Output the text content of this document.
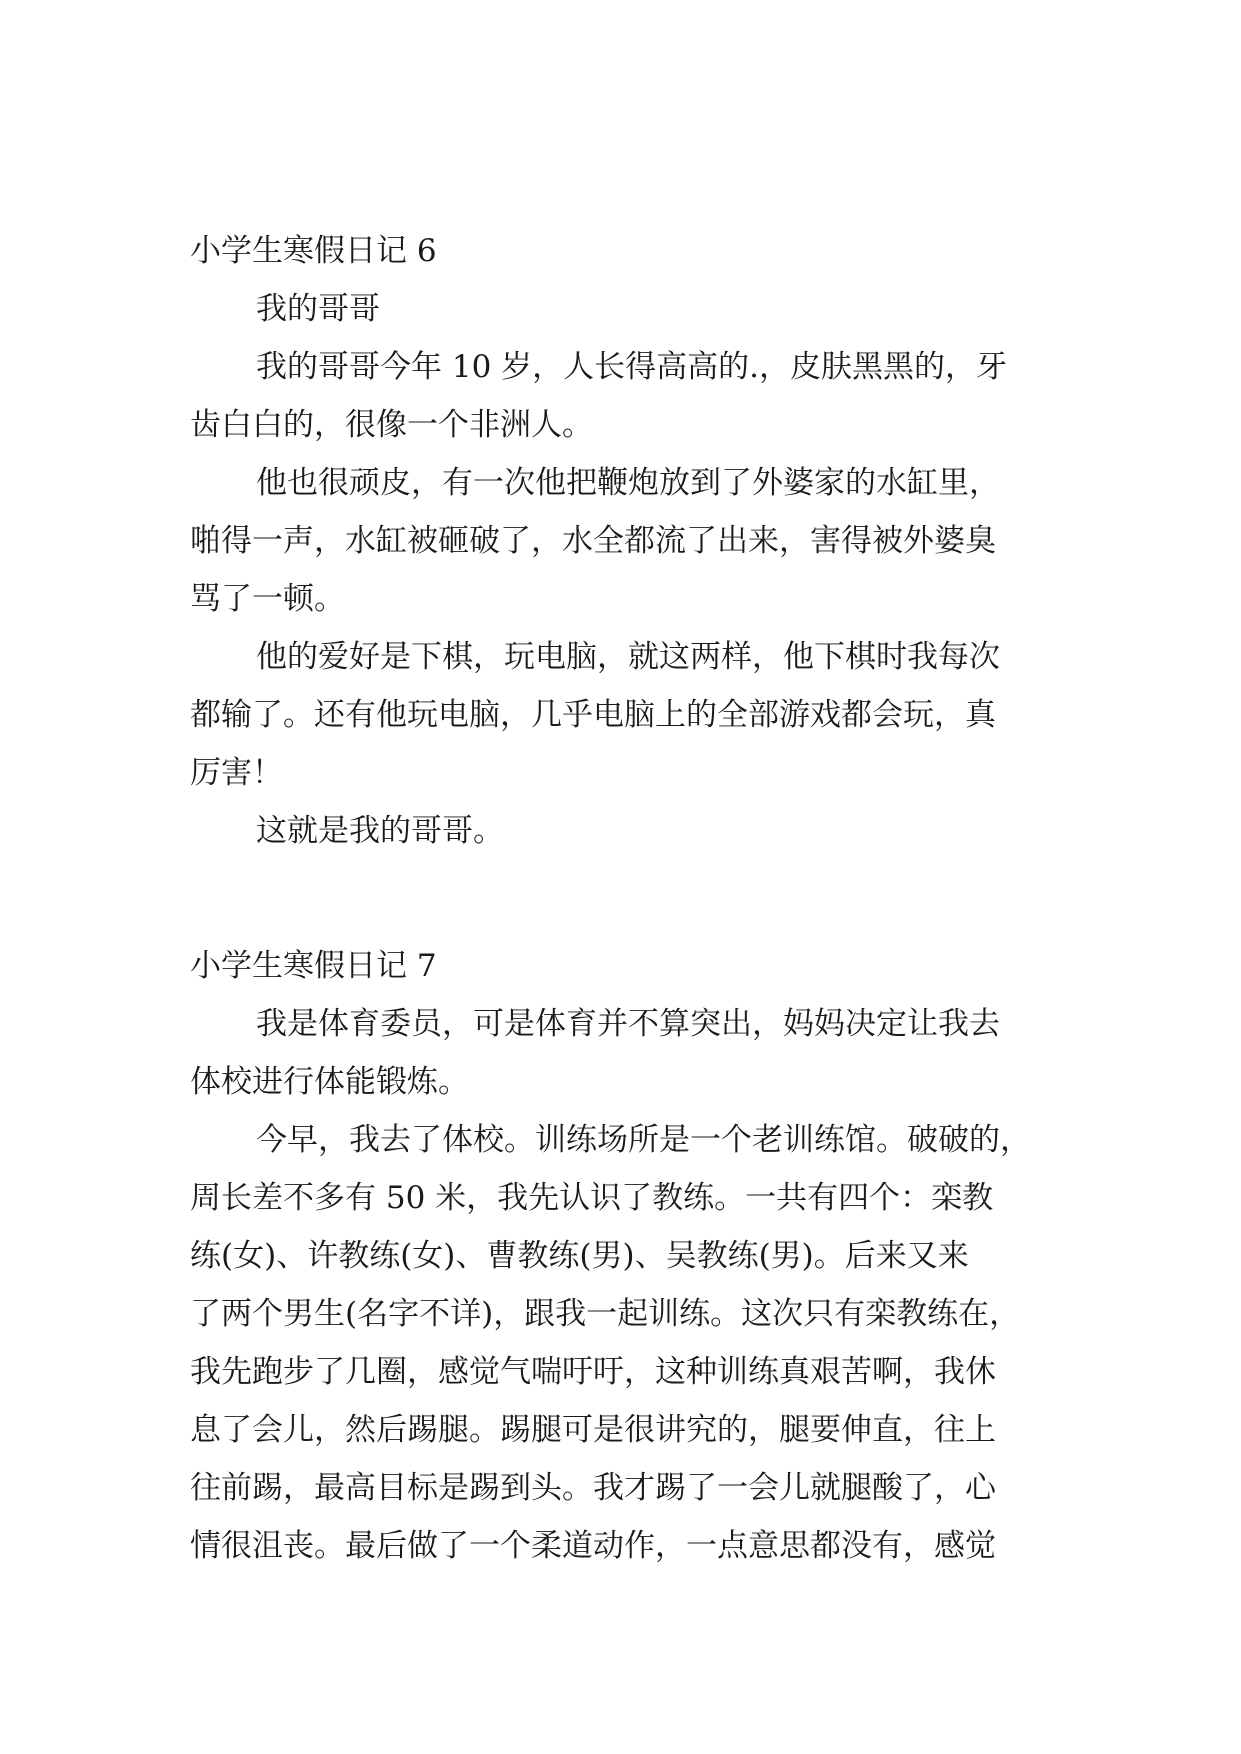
小学生寒假日记 6

我的哥哥

我的哥哥今年 10 岁，人长得高高的.，皮肤黑黑的，牙

齿白白的，很像一个非洲人。

他也很顽皮，有一次他把鞭炮放到了外婆家的水缸里，

啪得一声，水缸被砸破了，水全都流了出来，害得被外婆臭

骂了一顿。

他的爱好是下棋，玩电脑，就这两样，他下棋时我每次

都输了。还有他玩电脑，几乎电脑上的全部游戏都会玩，真

厉害！

这就是我的哥哥。

小学生寒假日记 7

我是体育委员，可是体育并不算突出，妈妈决定让我去

体校进行体能锻炼。

今早，我去了体校。训练场所是一个老训练馆。破破的，

周长差不多有 50 米，我先认识了教练。一共有四个：栾教

练(女)、许教练(女)、曹教练(男)、吴教练(男)。后来又来

了两个男生(名字不详)，跟我一起训练。这次只有栾教练在，

我先跑步了几圈，感觉气喘吁吁，这种训练真艰苦啊，我休

息了会儿，然后踢腿。踢腿可是很讲究的，腿要伸直，往上

往前踢，最高目标是踢到头。我才踢了一会儿就腿酸了，心

情很沮丧。最后做了一个柔道动作，一点意思都没有，感觉
